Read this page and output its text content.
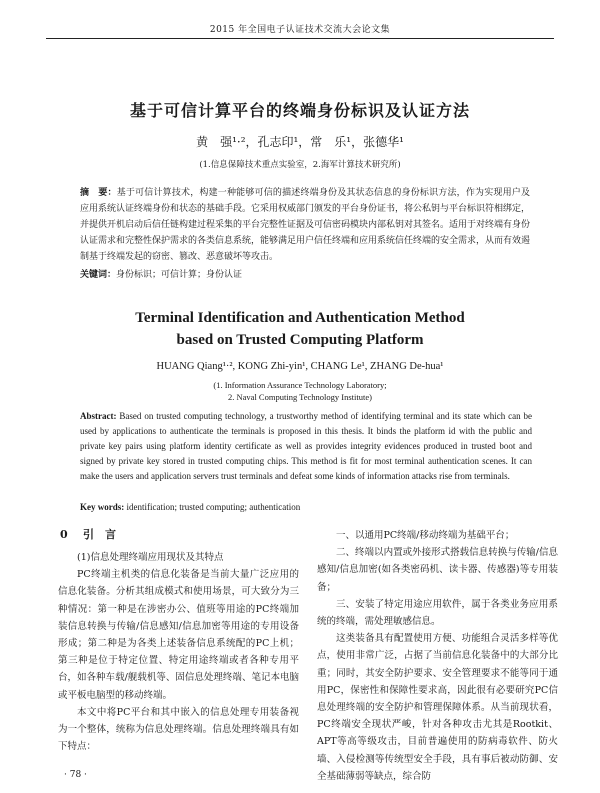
2015 年全国电子认证技术交流大会论文集
基于可信计算平台的终端身份标识及认证方法
黄　强¹·²，孔志印¹，常　乐¹，张德华¹
(1.信息保障技术重点实验室，2.海军计算技术研究所)

摘　要：基于可信计算技术，构建一种能够可信的描述终端身份及其状态信息的身份标识方法，作为实现用户及应用系统认证终端身份和状态的基础手段。它采用权威部门颁发的平台身份证书，将公私钥与平台标识符相绑定，并提供开机启动后信任链构建过程采集的平台完整性证据及可信密码模块内部私钥对其签名。适用于对终端有身份认证需求和完整性保护需求的各类信息系统，能够满足用户信任终端和应用系统信任终端的安全需求，从而有效遏制基于终端发起的窃密、篡改、恶意破坏等攻击。

关键词：身份标识；可信计算；身份认证

Terminal Identification and Authentication Method
based on Trusted Computing Platform
HUANG Qiang¹·², KONG Zhi-yin¹, CHANG Le¹, ZHANG De-hua¹
(1. Information Assurance Technology Laboratory;
2. Naval Computing Technology Institute)

Abstract: Based on trusted computing technology, a trustworthy method of identifying terminal and its state which can be used by applications to authenticate the terminals is proposed in this thesis. It binds the platform id with the public and private key pairs using platform identity certificate as well as provides integrity evidences produced in trusted boot and signed by private key stored in trusted computing chips. This method is fit for most terminal authentication scenes. It can make the users and application servers trust terminals and defeat some kinds of information attacks rise from terminals.

Key words: identification; trusted computing; authentication

0 引　言

(1)信息处理终端应用现状及其特点

PC终端主机类的信息化装备是当前大量广泛应用的信息化装备。分析其组成模式和使用场景，可大致分为三种情况：第一种是在涉密办公、值班等用途的PC终端加装信息转换与传输/信息感知/信息加密等用途的专用设备形成；第二种是为各类上述装备信息系统配的PC上机；第三种是位于特定位置、特定用途终端或者各种专用平台，如各种车载/舰载机等、固信息处理终端、笔记本电脑或平板电脑型的移动终端。

本文中将PC平台和其中嵌入的信息处理专用装备视为一个整体，统称为信息处理终端。信息处理终端具有如下特点：

一、以通用PC终端/移动终端为基础平台；

二、终端以内置或外接形式搭载信息转换与传输/信息感知/信息加密(如各类密码机、读卡器、传感器)等专用装备；

三、安装了特定用途应用软件，属于各类业务应用系统的终端，需处理敏感信息。

这类装备具有配置使用方便、功能组合灵活多样等优点，使用非常广泛，占据了当前信息化装备中的大部分比重；同时，其安全防护要求、安全管理要求不能等同于通用PC，保密性和保障性要求高，因此很有必要研究PC信息处理终端的安全防护和管理保障体系。从当前现状看，PC终端安全现状严峻，针对各种攻击尤其是Rootkit、APT等高等级攻击，目前普遍使用的防病毒软件、防火墙、入侵检测等传统型安全手段，具有事后被动防御、安全基础薄弱等缺点，综合防

· 78 ·
